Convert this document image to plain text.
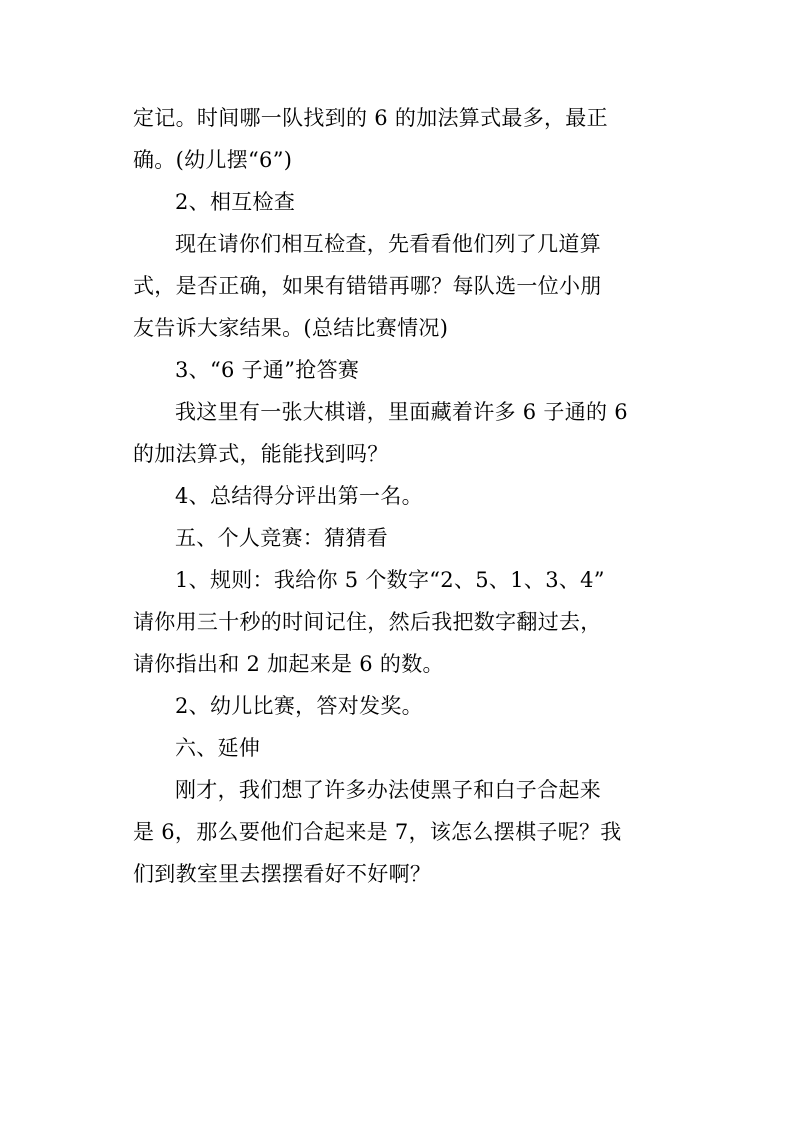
定记。时间哪一队找到的 6 的加法算式最多，最正
确。(幼儿摆“6”)
2、相互检查
现在请你们相互检查，先看看他们列了几道算
式，是否正确，如果有错错再哪？每队选一位小朋
友告诉大家结果。(总结比赛情况)
3、“6 子通”抢答赛
我这里有一张大棋谱，里面藏着许多 6 子通的 6
的加法算式，能能找到吗？
4、总结得分评出第一名。
五、个人竞赛：猜猜看
1、规则：我给你 5 个数字“2、5、1、3、4”
请你用三十秒的时间记住，然后我把数字翻过去，
请你指出和 2 加起来是 6 的数。
2、幼儿比赛，答对发奖。
六、延伸
刚才，我们想了许多办法使黑子和白子合起来
是 6，那么要他们合起来是 7，该怎么摆棋子呢？我
们到教室里去摆摆看好不好啊？
